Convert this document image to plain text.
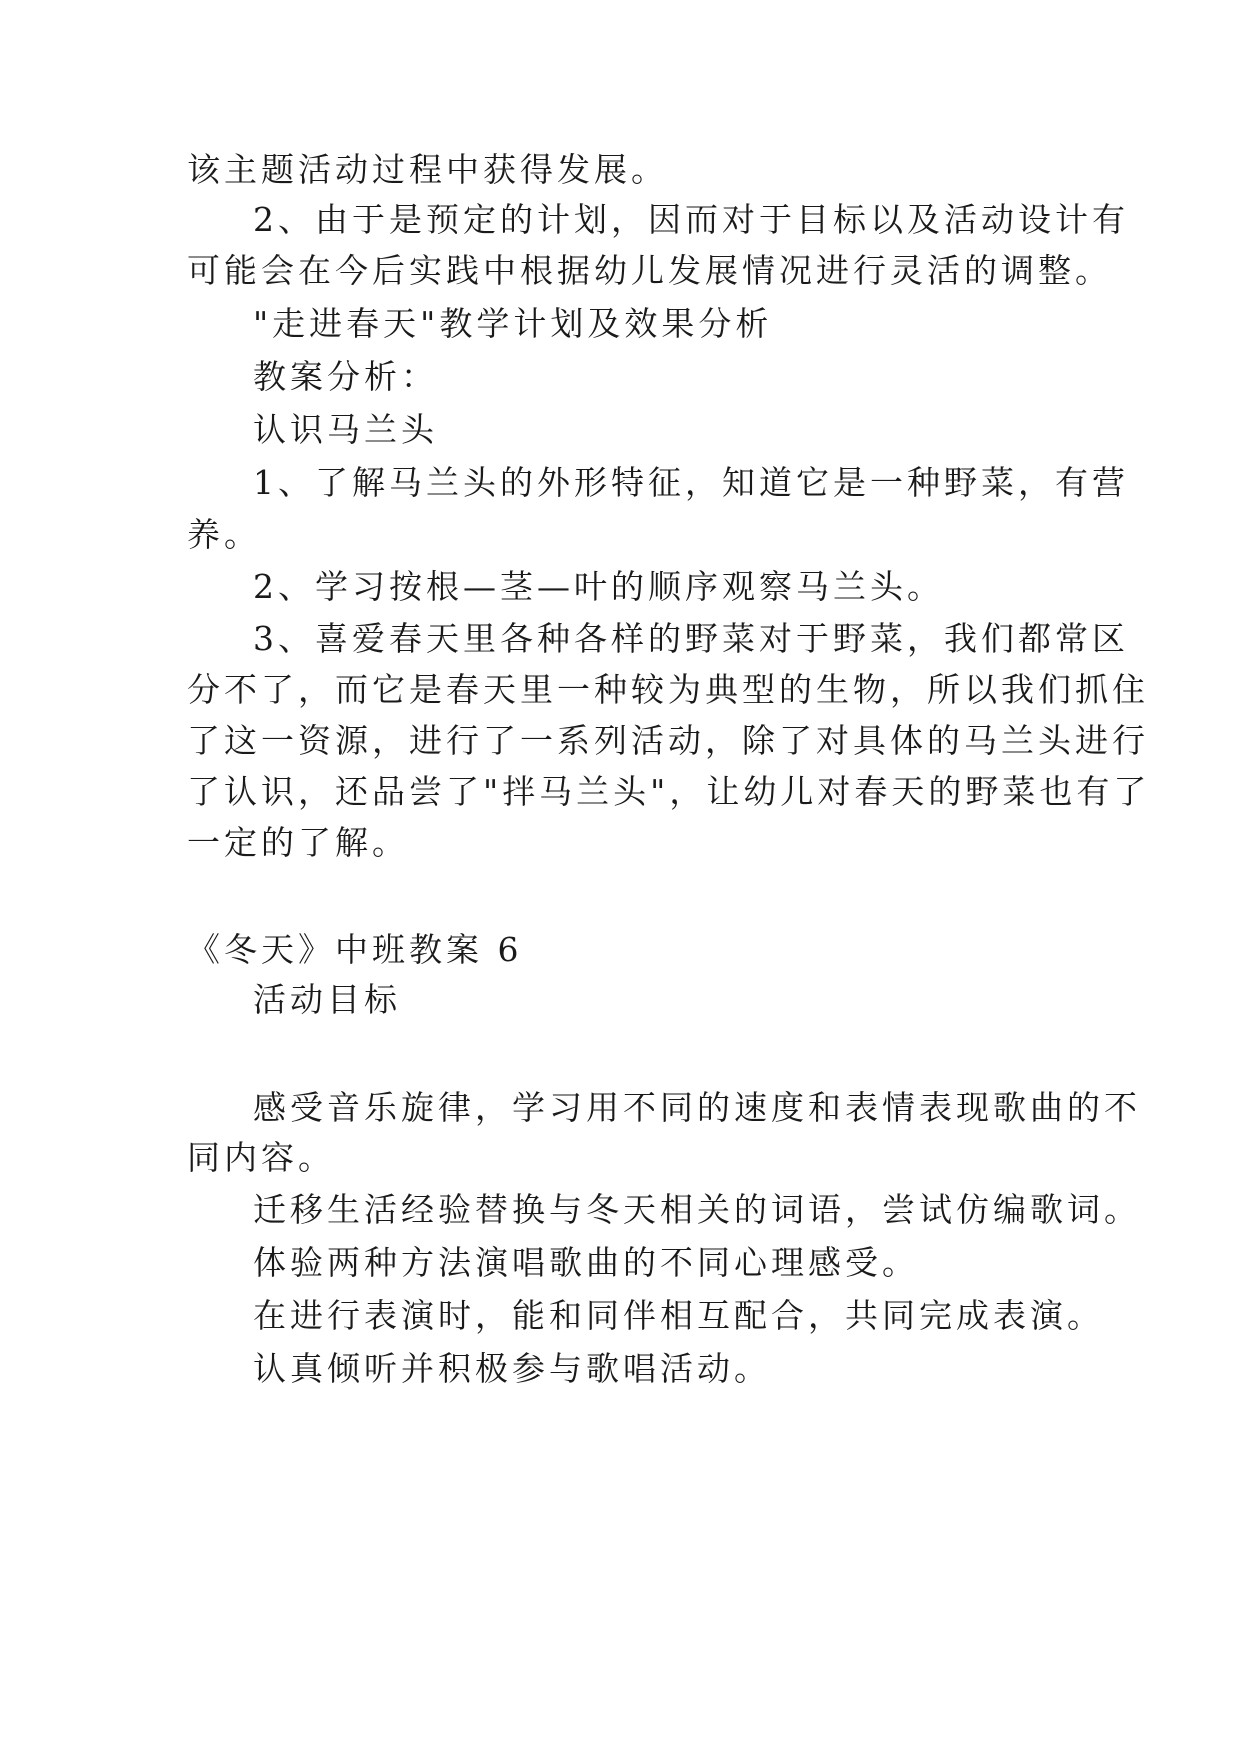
该主题活动过程中获得发展。
2、由于是预定的计划，因而对于目标以及活动设计有
可能会在今后实践中根据幼儿发展情况进行灵活的调整。
"走进春天"教学计划及效果分析
教案分析：
认识马兰头
1、了解马兰头的外形特征，知道它是一种野菜，有营
养。
2、学习按根—茎—叶的顺序观察马兰头。
3、喜爱春天里各种各样的野菜对于野菜，我们都常区
分不了，而它是春天里一种较为典型的生物，所以我们抓住
了这一资源，进行了一系列活动，除了对具体的马兰头进行
了认识，还品尝了"拌马兰头"，让幼儿对春天的野菜也有了
一定的了解。
《冬天》中班教案 6
活动目标
感受音乐旋律，学习用不同的速度和表情表现歌曲的不
同内容。
迁移生活经验替换与冬天相关的词语，尝试仿编歌词。
体验两种方法演唱歌曲的不同心理感受。
在进行表演时，能和同伴相互配合，共同完成表演。
认真倾听并积极参与歌唱活动。
